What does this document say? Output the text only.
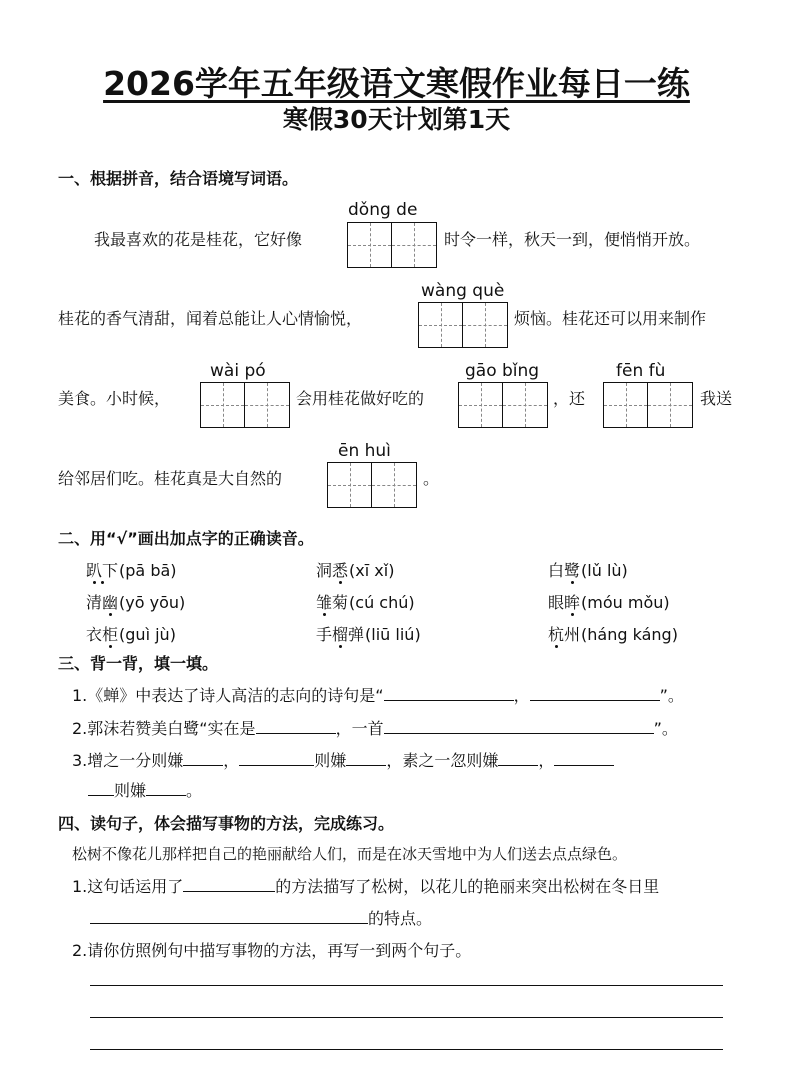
2026学年五年级语文寒假作业每日一练
寒假30天计划第1天
一、根据拼音，结合语境写词语。
dǒng de
我最喜欢的花是桂花，它好像	时令一样，秋天一到，便悄悄开放。
wàng què
桂花的香气清甜，闻着总能让人心情愉悦，	烦恼。桂花还可以用来制作
wài pó	gāo bǐng	fēn fù
美食。小时候，	会用桂花做好吃的	，还	我送
ēn huì
给邻居们吃。桂花真是大自然的	。
二、用“√”画出加点字的正确读音。
趴下(pā bā)	洞悉(xī xǐ)	白鹭(lǔ lù)
清幽(yō yōu)	雏菊(cú chú)	眼眸(móu mǒu)
衣柜(guì jù)	手榴弹(liū liú)	杭州(háng káng)
三、背一背，填一填。
1.《蝉》中表达了诗人高洁的志向的诗句是“	，	”。
2.郭沫若赞美白鹭“实在是	，一首	”。
3.增之一分则嫌	，	则嫌	，素之一忽则嫌	，
则嫌	。
四、读句子，体会描写事物的方法，完成练习。
松树不像花儿那样把自己的艳丽献给人们，而是在冰天雪地中为人们送去点点绿色。
1.这句话运用了	的方法描写了松树，以花儿的艳丽来突出松树在冬日里
的特点。
2.请你仿照例句中描写事物的方法，再写一到两个句子。
